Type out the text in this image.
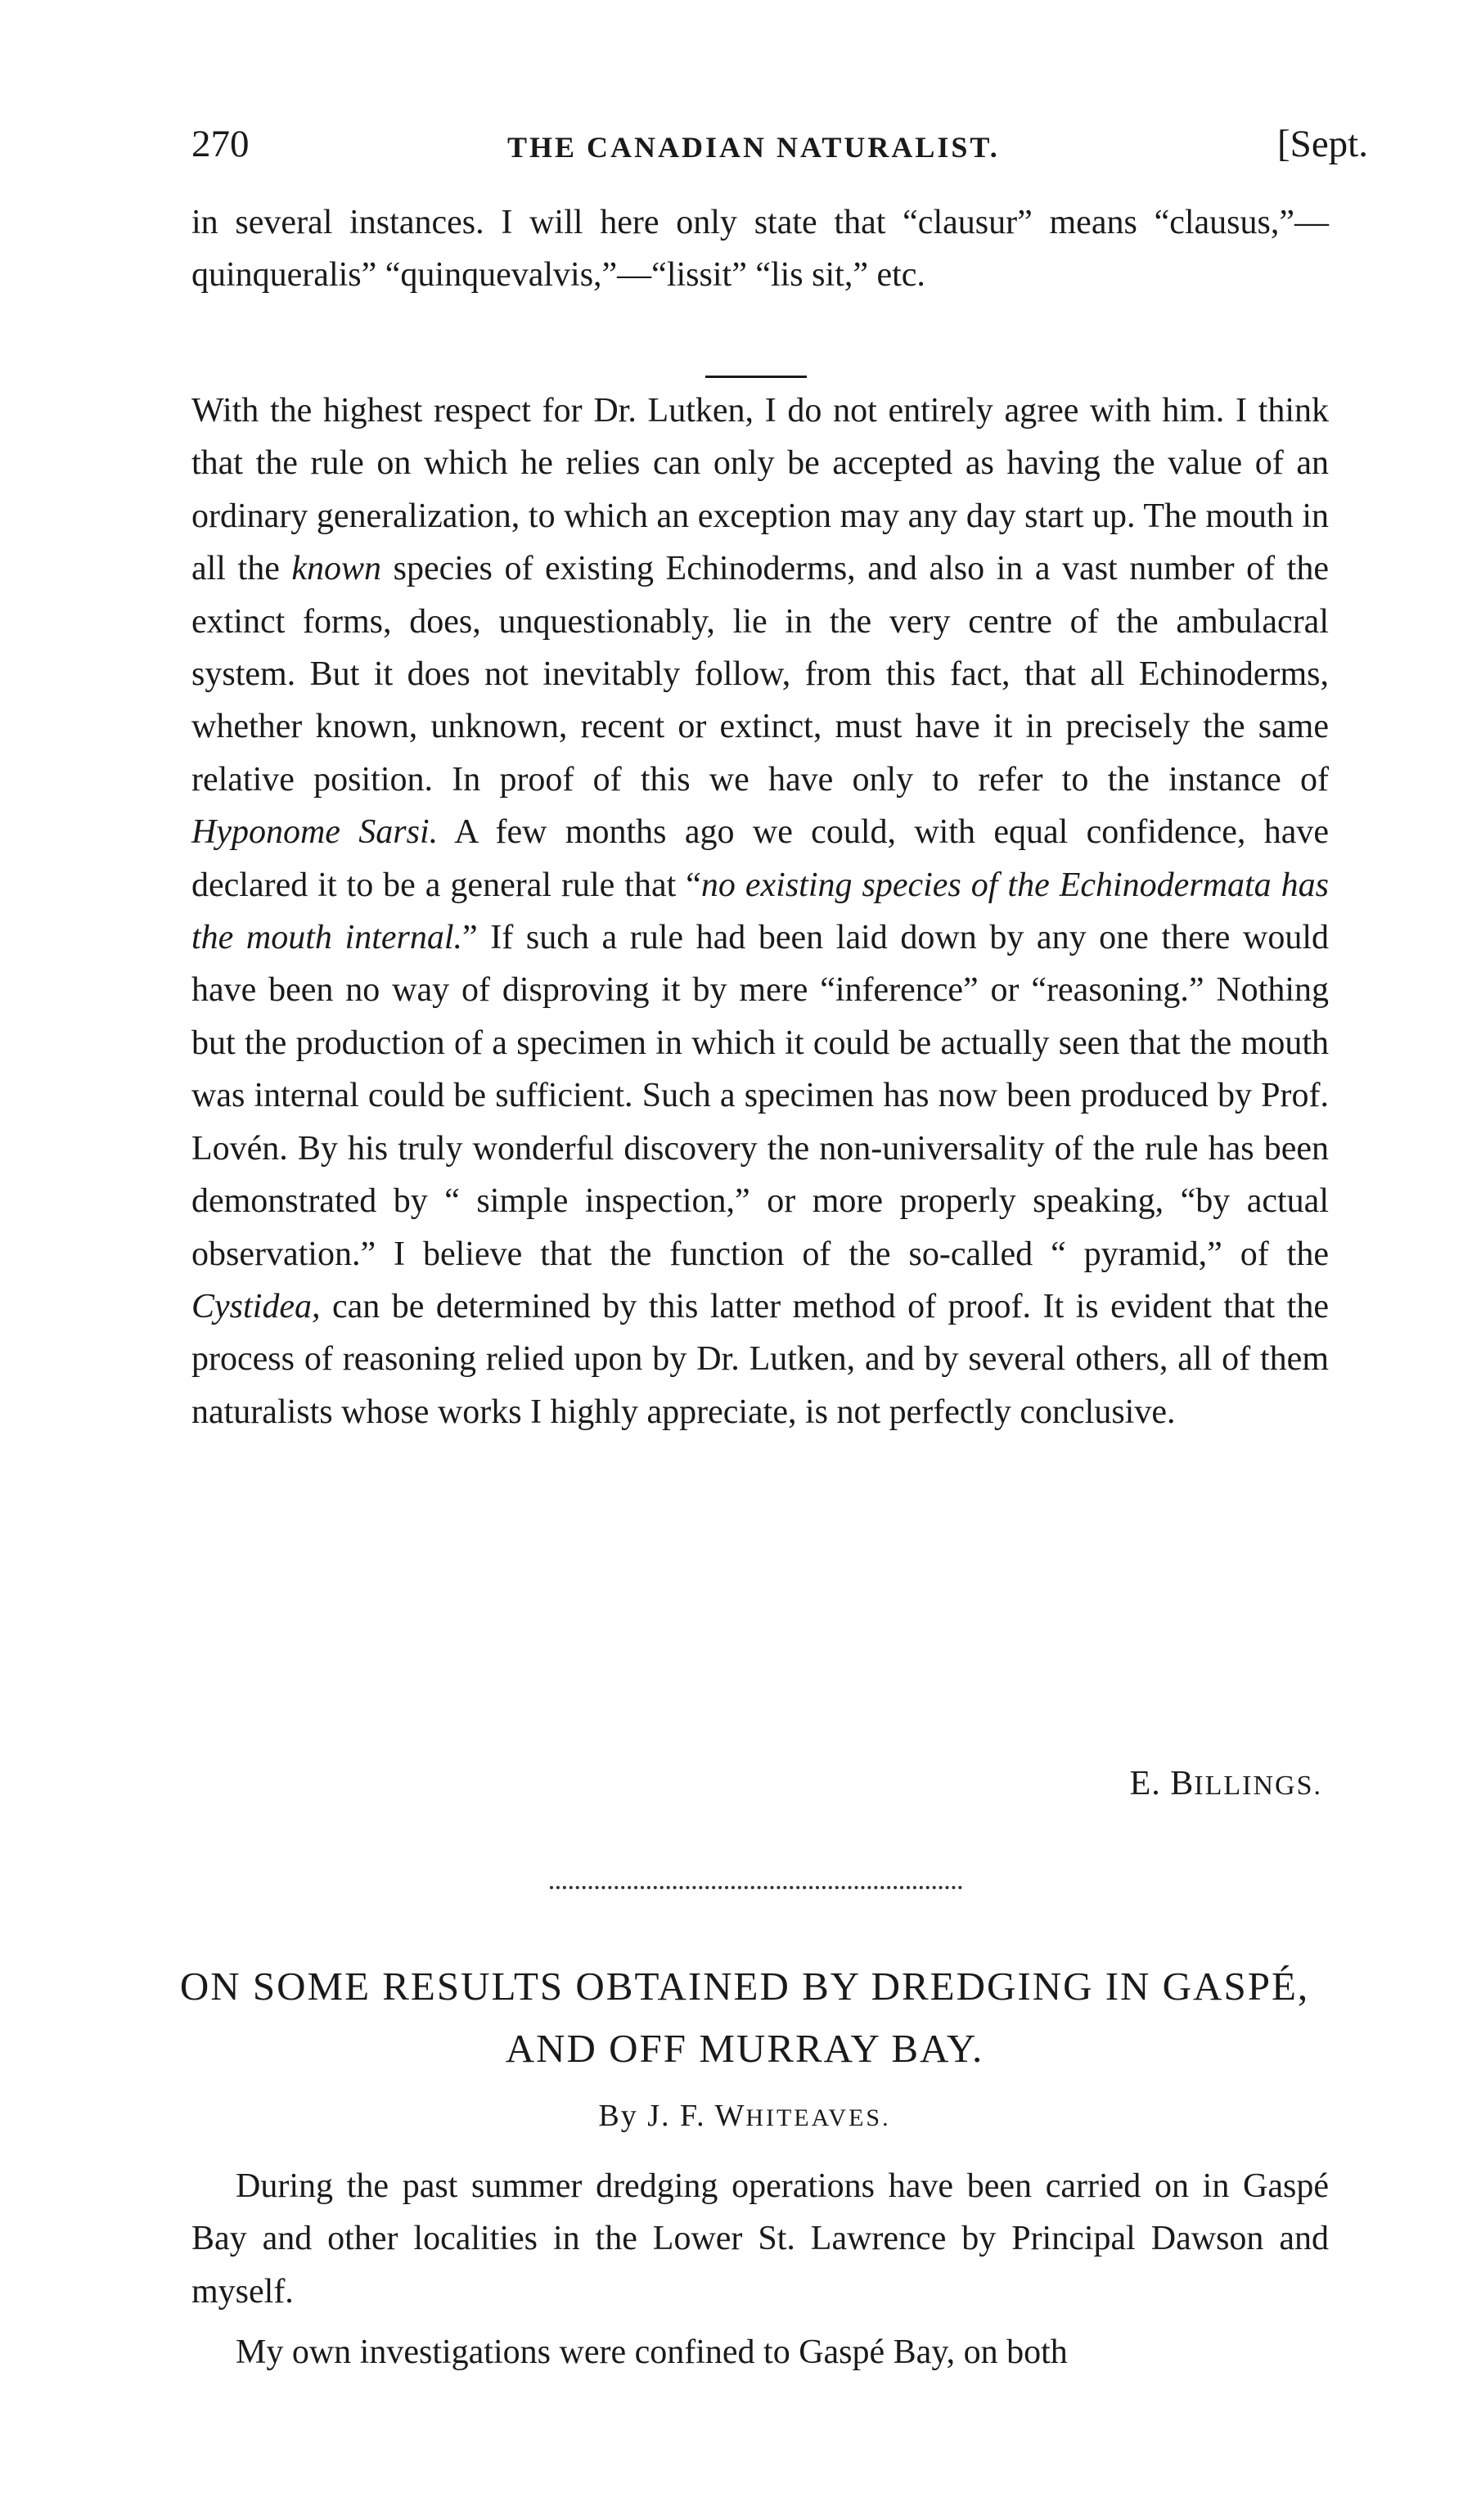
270	THE CANADIAN NATURALIST.	[Sept.

in several instances. I will here only state that “clausur” means “clausus,”—quinqueralis” “quinquevalvis,”—“lissit” “lis sit,” etc.

With the highest respect for Dr. Lutken, I do not entirely agree with him. I think that the rule on which he relies can only be accepted as having the value of an ordinary generalization, to which an exception may any day start up. The mouth in all the known species of existing Echinoderms, and also in a vast number of the extinct forms, does, unquestionably, lie in the very centre of the ambulacral system. But it does not inevitably follow, from this fact, that all Echinoderms, whether known, unknown, recent or extinct, must have it in precisely the same relative position. In proof of this we have only to refer to the instance of Hyponome Sarsi. A few months ago we could, with equal confidence, have declared it to be a general rule that “no existing species of the Echinodermata has the mouth internal.” If such a rule had been laid down by any one there would have been no way of disproving it by mere “inference” or “reasoning.” Nothing but the production of a specimen in which it could be actually seen that the mouth was internal could be sufficient. Such a specimen has now been produced by Prof. Lovén. By his truly wonderful discovery the non-universality of the rule has been demonstrated by “ simple inspection,” or more properly speaking, “by actual observation.” I believe that the function of the so-called “ pyramid,” of the Cystidea, can be determined by this latter method of proof. It is evident that the process of reasoning relied upon by Dr. Lutken, and by several others, all of them naturalists whose works I highly appreciate, is not perfectly conclusive.

E. BILLINGS.
ON SOME RESULTS OBTAINED BY DREDGING IN GASPÉ, AND OFF MURRAY BAY.
By J. F. WHITEAVES.

During the past summer dredging operations have been carried on in Gaspé Bay and other localities in the Lower St. Lawrence by Principal Dawson and myself.

My own investigations were confined to Gaspé Bay, on both
